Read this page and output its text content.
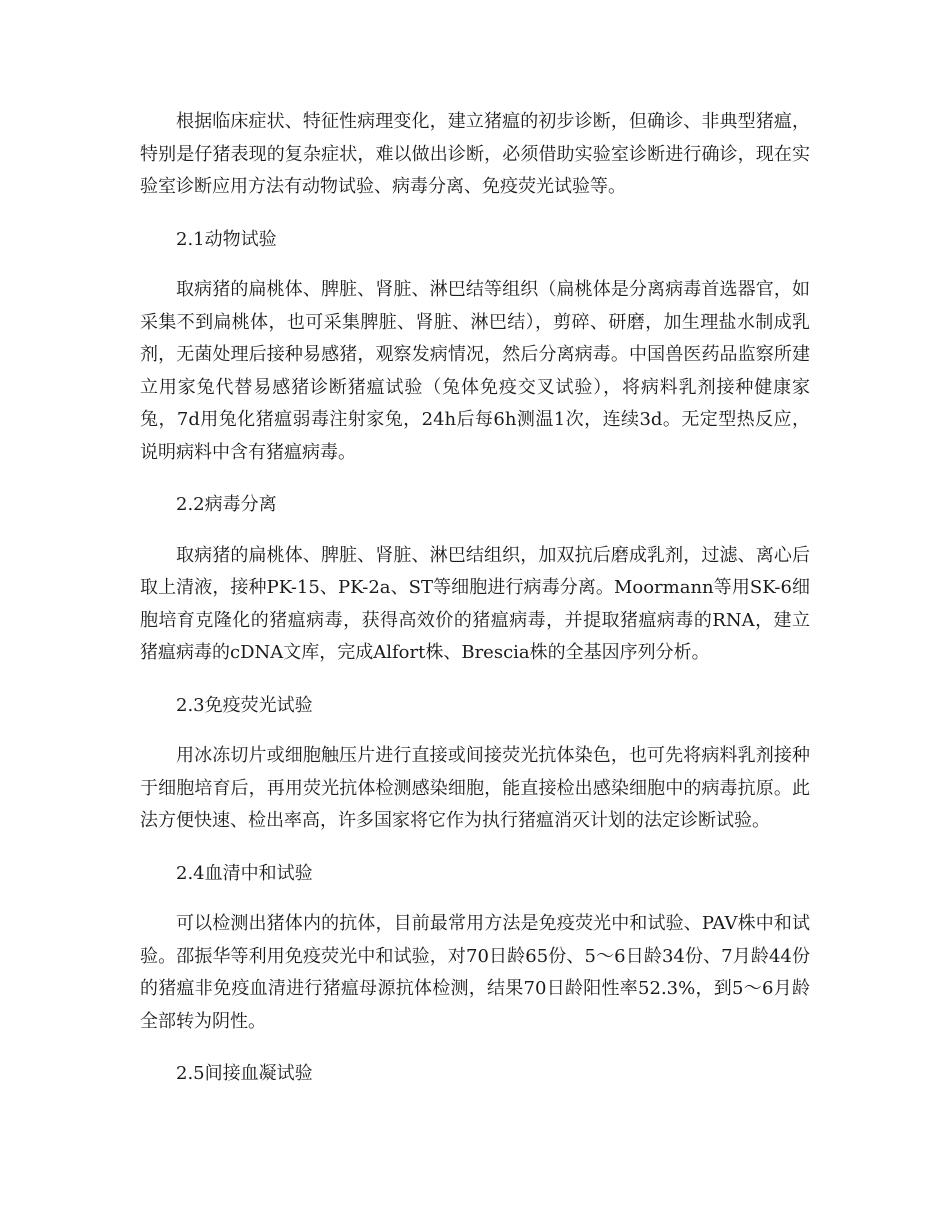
根据临床症状、特征性病理变化，建立猪瘟的初步诊断，但确诊、非典型猪瘟，特别是仔猪表现的复杂症状，难以做出诊断，必须借助实验室诊断进行确诊，现在实验室诊断应用方法有动物试验、病毒分离、免疫荧光试验等。

2.1动物试验

取病猪的扁桃体、脾脏、肾脏、淋巴结等组织（扁桃体是分离病毒首选器官，如采集不到扁桃体，也可采集脾脏、肾脏、淋巴结），剪碎、研磨，加生理盐水制成乳剂，无菌处理后接种易感猪，观察发病情况，然后分离病毒。中国兽医药品监察所建立用家兔代替易感猪诊断猪瘟试验（兔体免疫交叉试验），将病料乳剂接种健康家兔，7d用兔化猪瘟弱毒注射家兔，24h后每6h测温1次，连续3d。无定型热反应，说明病料中含有猪瘟病毒。

2.2病毒分离

取病猪的扁桃体、脾脏、肾脏、淋巴结组织，加双抗后磨成乳剂，过滤、离心后取上清液，接种PK-15、PK-2a、ST等细胞进行病毒分离。Moormann等用SK-6细胞培育克隆化的猪瘟病毒，获得高效价的猪瘟病毒，并提取猪瘟病毒的RNA，建立猪瘟病毒的cDNA文库，完成Alfort株、Brescia株的全基因序列分析。

2.3免疫荧光试验

用冰冻切片或细胞触压片进行直接或间接荧光抗体染色，也可先将病料乳剂接种于细胞培育后，再用荧光抗体检测感染细胞，能直接检出感染细胞中的病毒抗原。此法方便快速、检出率高，许多国家将它作为执行猪瘟消灭计划的法定诊断试验。

2.4血清中和试验

可以检测出猪体内的抗体，目前最常用方法是免疫荧光中和试验、PAV株中和试验。邵振华等利用免疫荧光中和试验，对70日龄65份、5～6日龄34份、7月龄44份的猪瘟非免疫血清进行猪瘟母源抗体检测，结果70日龄阳性率52.3%，到5～6月龄全部转为阴性。

2.5间接血凝试验
